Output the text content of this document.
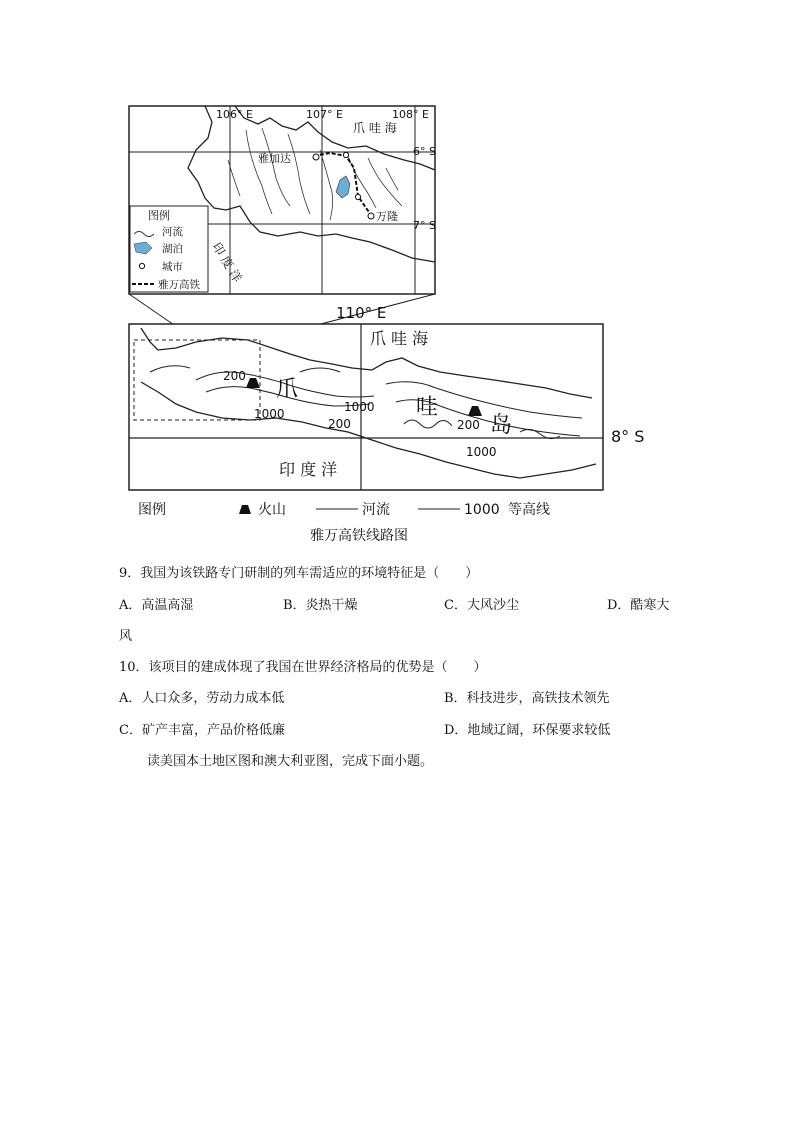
106° E	107° E	108° E
6° S
7° S
爪 哇 海
雅加达
万隆
印 度 洋
图例
河流
湖泊
城市
雅万高铁
110° E
爪 哇 海
印 度 洋
8° S
爪
哇
岛
200
1000	1000
200	200
1000
图例	火山	河流	1000 等高线
雅万高铁线路图
9．我国为该铁路专门研制的列车需适应的环境特征是（　　）
A．高温高湿	B．炎热干燥	C．大风沙尘	D．酷寒大
风
10．该项目的建成体现了我国在世界经济格局的优势是（　　）
A．人口众多，劳动力成本低	B．科技进步，高铁技术领先
C．矿产丰富，产品价格低廉	D．地域辽阔，环保要求较低
读美国本土地区图和澳大利亚图，完成下面小题。
